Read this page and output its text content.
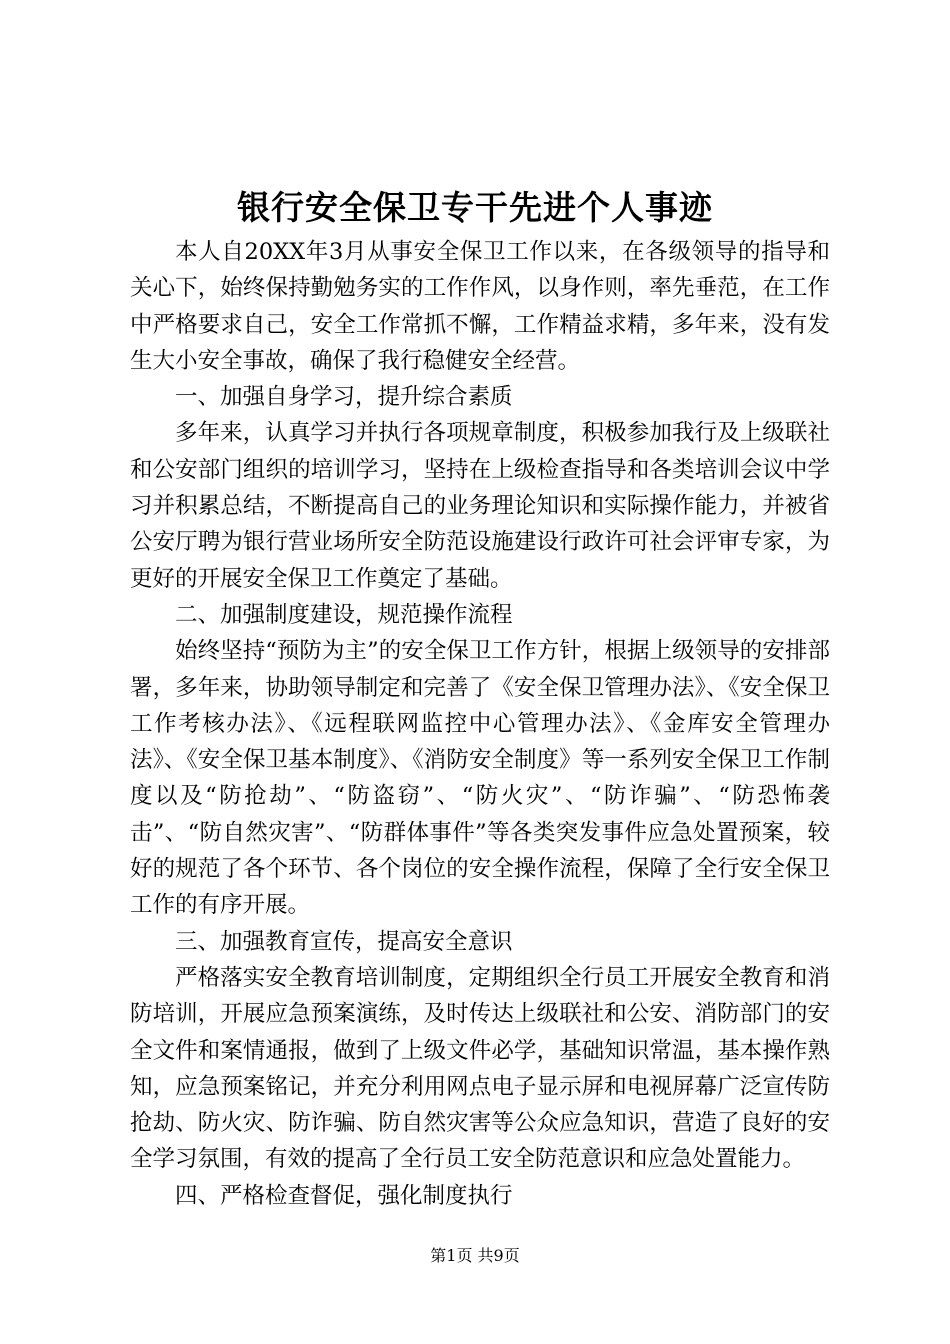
银行安全保卫专干先进个人事迹

本人自20XX年3月从事安全保卫工作以来，在各级领导的指导和关心下，始终保持勤勉务实的工作作风，以身作则，率先垂范，在工作中严格要求自己，安全工作常抓不懈，工作精益求精，多年来，没有发生大小安全事故，确保了我行稳健安全经营。

一、加强自身学习，提升综合素质

多年来，认真学习并执行各项规章制度，积极参加我行及上级联社和公安部门组织的培训学习，坚持在上级检查指导和各类培训会议中学习并积累总结，不断提高自己的业务理论知识和实际操作能力，并被省公安厅聘为银行营业场所安全防范设施建设行政许可社会评审专家，为更好的开展安全保卫工作奠定了基础。

二、加强制度建设，规范操作流程

始终坚持“预防为主”的安全保卫工作方针，根据上级领导的安排部署，多年来，协助领导制定和完善了《安全保卫管理办法》、《安全保卫工作考核办法》、《远程联网监控中心管理办法》、《金库安全管理办法》、《安全保卫基本制度》、《消防安全制度》等一系列安全保卫工作制度以及“防抢劫”、“防盗窃”、“防火灾”、“防诈骗”、“防恐怖袭击”、“防自然灾害”、“防群体事件”等各类突发事件应急处置预案，较好的规范了各个环节、各个岗位的安全操作流程，保障了全行安全保卫工作的有序开展。

三、加强教育宣传，提高安全意识

严格落实安全教育培训制度，定期组织全行员工开展安全教育和消防培训，开展应急预案演练，及时传达上级联社和公安、消防部门的安全文件和案情通报，做到了上级文件必学，基础知识常温，基本操作熟知，应急预案铭记，并充分利用网点电子显示屏和电视屏幕广泛宣传防抢劫、防火灾、防诈骗、防自然灾害等公众应急知识，营造了良好的安全学习氛围，有效的提高了全行员工安全防范意识和应急处置能力。

四、严格检查督促，强化制度执行

第1页 共9页
